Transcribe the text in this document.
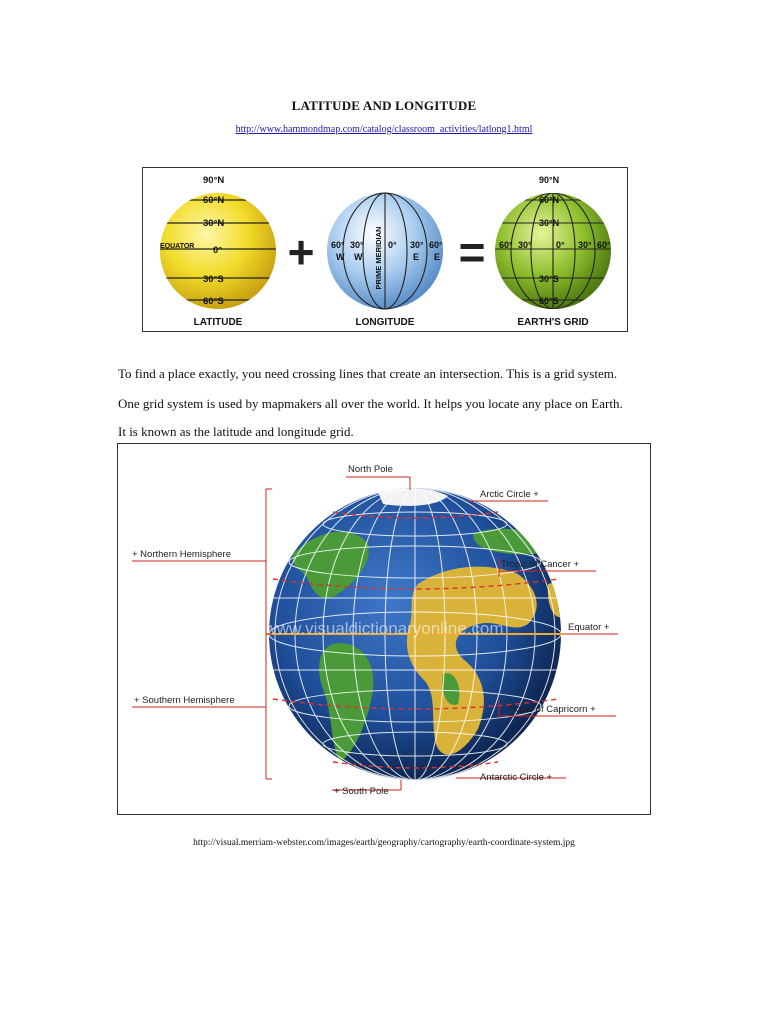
LATITUDE AND LONGITUDE
http://www.hammondmap.com/catalog/classroom_activities/latlong1.html
90°N
60°N
30°N
0°
30°S
60°S
EQUATOR
LATITUDE
+ 60° 30°	0° 30° 60°
W W	E E
PRIME MERIDIAN
LONGITUDE
=
90°N
60°N
30°N
30°S
60°S
60° 30°	0° 30° 60°
EARTH'S GRID
To find a place exactly, you need crossing lines that create an intersection. This is a grid system.
One grid system is used by mapmakers all over the world. It helps you locate any place on Earth.
It is known as the latitude and longitude grid.
www.visualdictionaryonline.com
North Pole
Arctic Circle +
+ Northern Hemisphere
Tropic of Cancer +
Equator +
+ Southern Hemisphere
Tropic of Capricorn +
Antarctic Circle +
+ South Pole
http://visual.merriam-webster.com/images/earth/geography/cartography/earth-coordinate-system.jpg
